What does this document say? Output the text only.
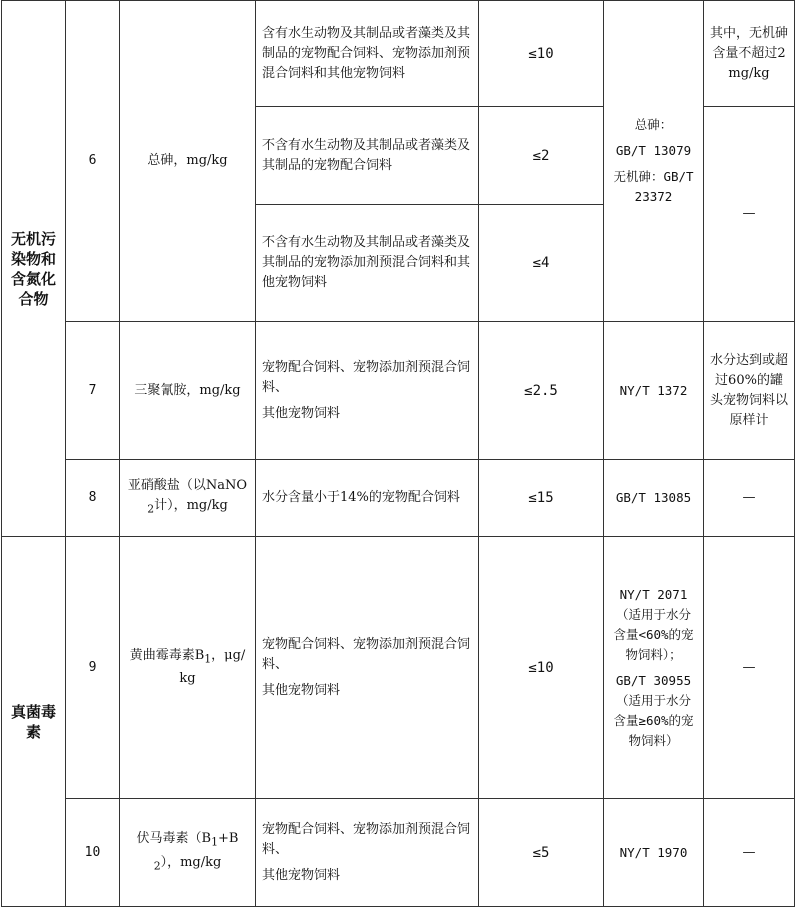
无机污染物和含氮化合物	6	总砷，mg/kg	含有水生动物及其制品或者藻类及其制品的宠物配合饲料、宠物添加剂预混合饲料和其他宠物饲料	≤10	总砷：
GB/T 13079
无机砷：GB/T 23372	其中，无机砷含量不超过2 mg/kg
			不含有水生动物及其制品或者藻类及其制品的宠物配合饲料	≤2		—
			不含有水生动物及其制品或者藻类及其制品的宠物添加剂预混合饲料和其他宠物饲料	≤4		
	7	三聚氰胺，mg/kg	宠物配合饲料、宠物添加剂预混合饲料、
其他宠物饲料	≤2.5	NY/T 1372	水分达到或超过60%的罐头宠物饲料以原样计
	8	亚硝酸盐（以NaNO$_2$计），mg/kg	水分含量小于14%的宠物配合饲料	≤15	GB/T 13085	—
真菌毒素	9	黄曲霉毒素$B_1$，μg/kg	宠物配合饲料、宠物添加剂预混合饲料、
其他宠物饲料	≤10	NY/T 2071（适用于水分含量<60%的宠物饲料）；
GB/T 30955（适用于水分含量≥60%的宠物饲料）	—
	10	伏马毒素$(B_1+B_2)$，mg/kg	宠物配合饲料、宠物添加剂预混合饲料、
其他宠物饲料	≤5	NY/T 1970	—
